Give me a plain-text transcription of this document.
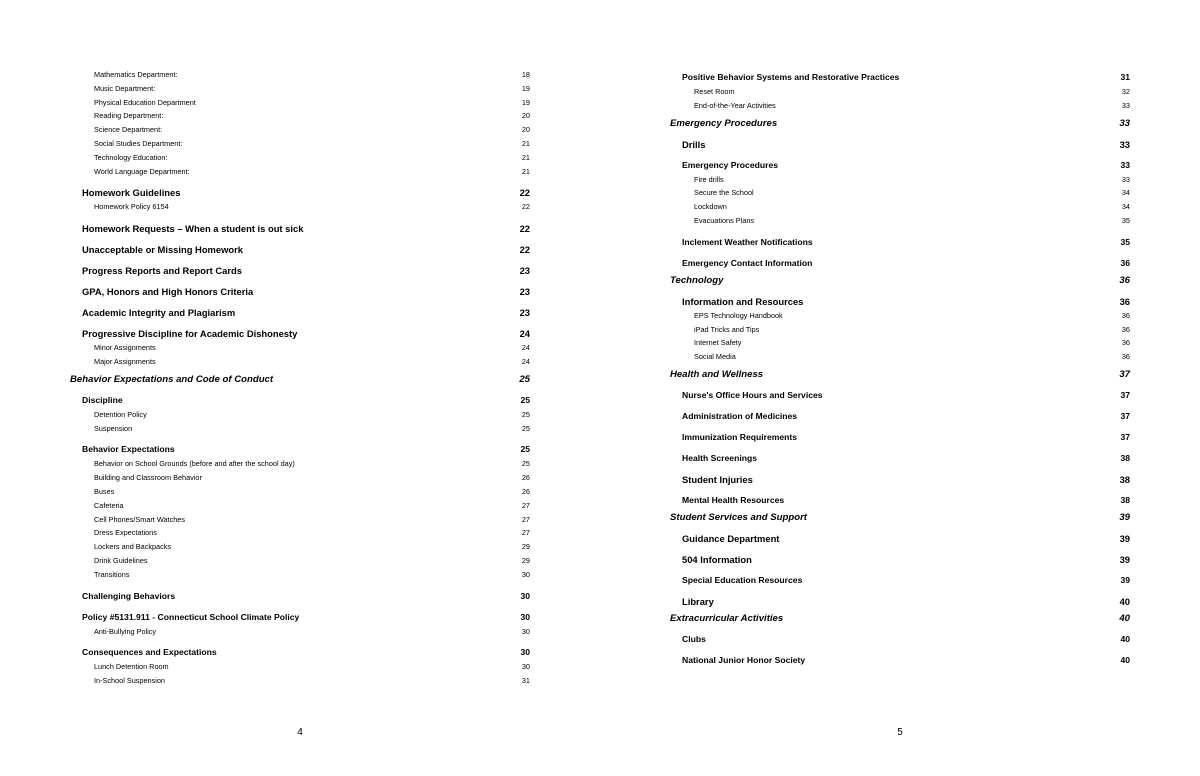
Mathematics Department:	18
Music Department:	19
Physical Education Department	19
Reading Department:	20
Science Department:	20
Social Studies Department:	21
Technology Education:	21
World Language Department:	21
Homework Guidelines	22
Homework Policy 6154	22
Homework Requests – When a student is out sick	22
Unacceptable or Missing Homework	22
Progress Reports and Report Cards	23
GPA, Honors and High Honors Criteria	23
Academic Integrity and Plagiarism	23
Progressive Discipline for Academic Dishonesty	24
Minor Assignments	24
Major Assignments	24
Behavior Expectations and Code of Conduct	25
Discipline	25
Detention Policy	25
Suspension	25
Behavior Expectations	25
Behavior on School Grounds (before and after the school day)	25
Building and Classroom Behavior	26
Buses	26
Cafeteria	27
Cell Phones/Smart Watches	27
Dress Expectations	27
Lockers and Backpacks	29
Drink Guidelines	29
Transitions	30
Challenging Behaviors	30
Policy #5131.911 - Connecticut School Climate Policy	30
Anti-Bullying Policy	30
Consequences and Expectations	30
Lunch Detention Room	30
In-School Suspension	31
4
Positive Behavior Systems and Restorative Practices	31
Reset Room	32
End-of-the-Year Activities	33
Emergency Procedures	33
Drills	33
Emergency Procedures	33
Fire drills	33
Secure the School	34
Lockdown	34
Evacuations Plans	35
Inclement Weather Notifications	35
Emergency Contact Information	36
Technology	36
Information and Resources	36
EPS Technology Handbook	36
iPad Tricks and Tips	36
Internet Safety	36
Social Media	36
Health and Wellness	37
Nurse's Office Hours and Services	37
Administration of Medicines	37
Immunization Requirements	37
Health Screenings	38
Student Injuries	38
Mental Health Resources	38
Student Services and Support	39
Guidance Department	39
504 Information	39
Special Education Resources	39
Library	40
Extracurricular Activities	40
Clubs	40
National Junior Honor Society	40
5
